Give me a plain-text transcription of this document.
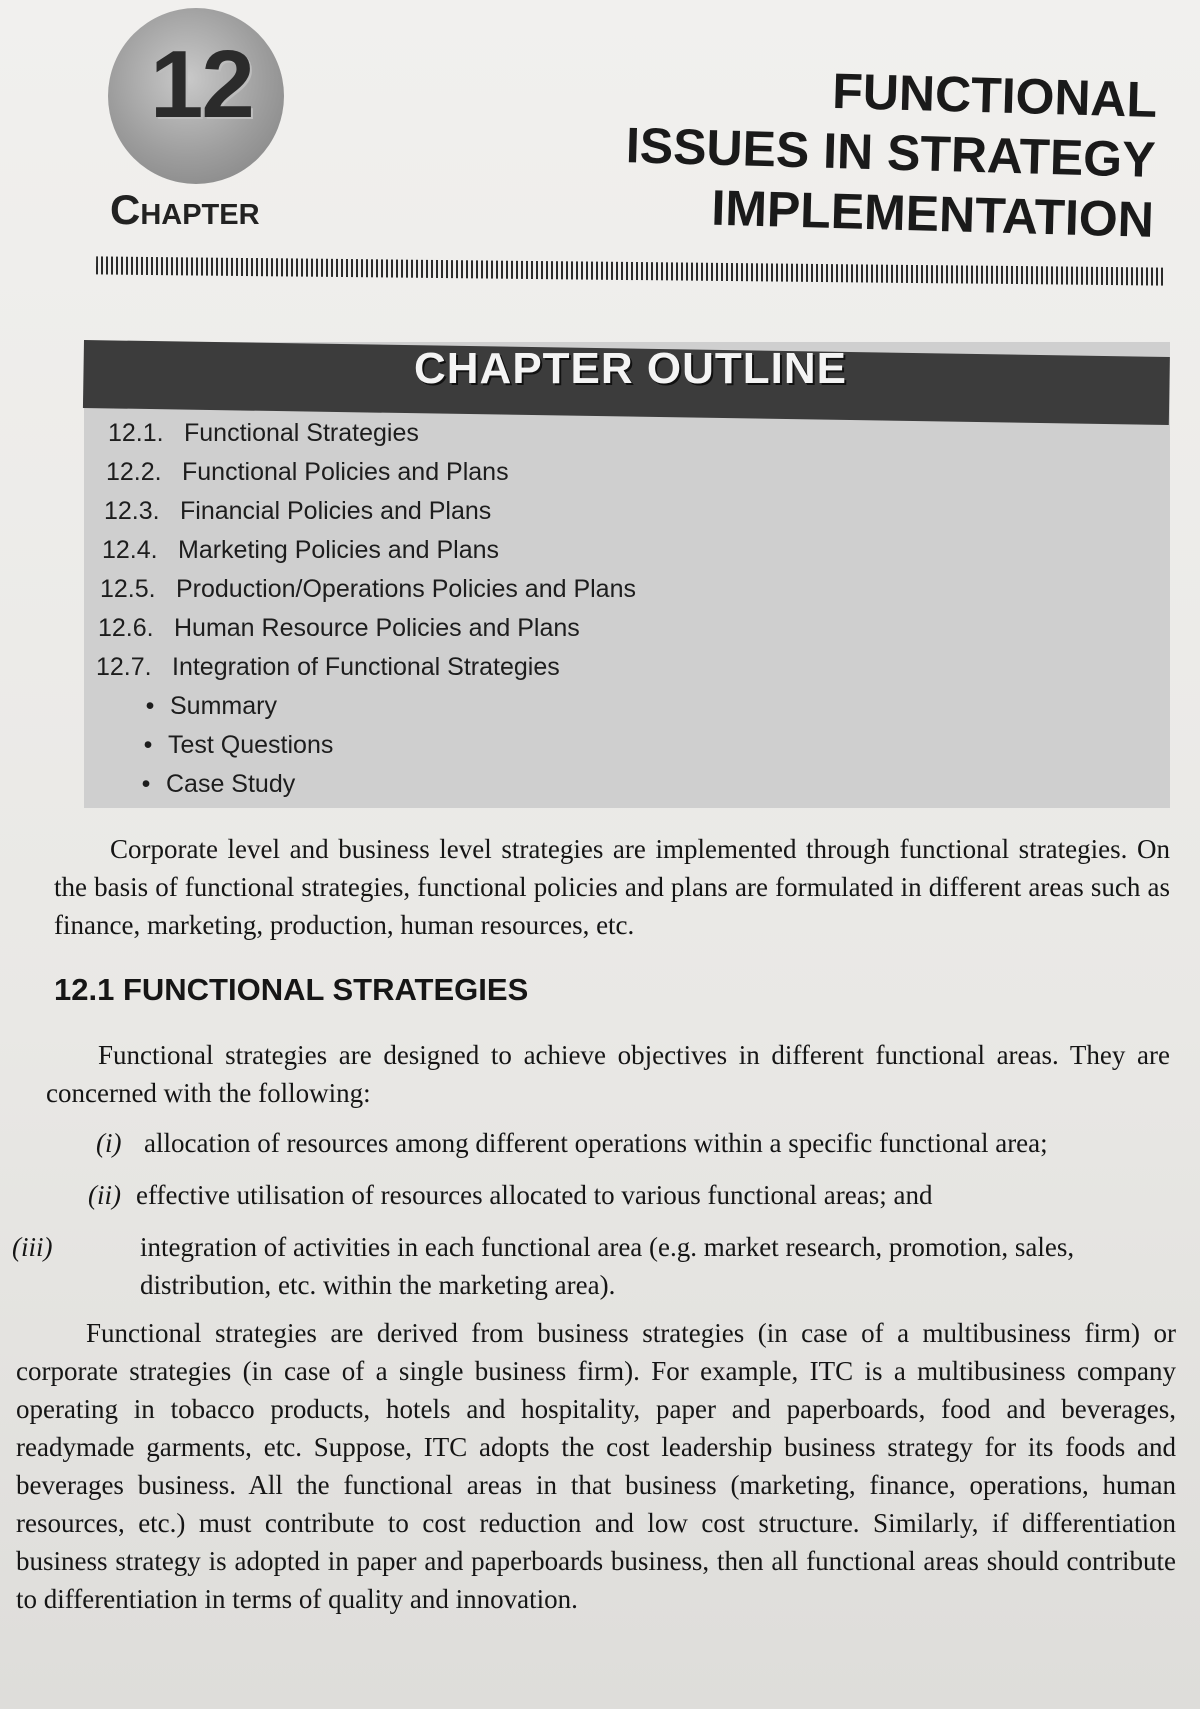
12
Chapter
FUNCTIONAL
ISSUES IN STRATEGY
IMPLEMENTATION
CHAPTER OUTLINE
12.1. Functional Strategies
12.2. Functional Policies and Plans
12.3. Financial Policies and Plans
12.4. Marketing Policies and Plans
12.5. Production/Operations Policies and Plans
12.6. Human Resource Policies and Plans
12.7. Integration of Functional Strategies
• Summary
• Test Questions
• Case Study

Corporate level and business level strategies are implemented through functional strategies. On the basis of functional strategies, functional policies and plans are formulated in different areas such as finance, marketing, production, human resources, etc.

12.1 FUNCTIONAL STRATEGIES

Functional strategies are designed to achieve objectives in different functional areas. They are concerned with the following:

(i) allocation of resources among different operations within a specific functional area;
(ii) effective utilisation of resources allocated to various functional areas; and
(iii)	integration of activities in each functional area (e.g. market research, promotion, sales, distribution, etc. within the marketing area).

Functional strategies are derived from business strategies (in case of a multibusiness firm) or corporate strategies (in case of a single business firm). For example, ITC is a multibusiness company operating in tobacco products, hotels and hospitality, paper and paperboards, food and beverages, readymade garments, etc. Suppose, ITC adopts the cost leadership business strategy for its foods and beverages business. All the functional areas in that business (marketing, finance, operations, human resources, etc.) must contribute to cost reduction and low cost structure. Similarly, if differentiation business strategy is adopted in paper and paperboards business, then all functional areas should contribute to differentiation in terms of quality and innovation.
